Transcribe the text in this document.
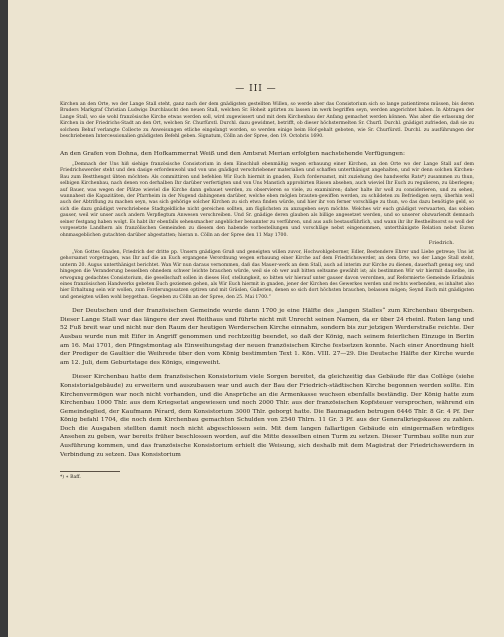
— III —

Kirchen an den Orte, wo der Lange Stall steht, ganz nach der dem gnädigsten gestellten Willen, so werde aber das Consistorium sich so lange patientirens müssen, bis deren Bruders Markgraf Christian Ludwigs Durchlaucht den neuen Stall, welchen Sr. Hoheit aptirten zu lassen im werk begriffen seyn, werden angerichtet haben. In Abtragen der Lange Stall, wo sie wohl französische Kirche etwas werden soll, wird zugewissert und mit dem Kirchenbau der Anfang gemachet werden können. Was aber die erlassung der Kirchen in der Friedrichs-Stadt an den Ort, welchen Sr. Churfürstl. Durchl. dazu gewidmet, betrifft, ob dieser höchstermelten Sr. Churfl. Durchl. gnädigst zufrieden, daß sie zu solchem Behuf verlangte Collecte zu Anweisungen etliche eingelangt worden, so werden einige beim Hof-gehalt geboten, wie Sr. Churfürstl. Durchl. zu ausführungen der beschriebenen Intercessionalien gnädigsten Befehl geben. Signatum, Cölln an der Spree, den 19. Octobris 1690.

An den Grafen von Dohna, den Hofkammerrat Weiß und den Amtsrat Merian erfolgten nachstehende Verfügungen:

„Demnach der Uns hiß siehige französische Consistorium in dem Einschluß ebenmäßig wegen erbauung einer Kirchen, an den Orte wo der Lange Stall auf dem Friedrichswerder steht und den dasige erfordenwohl und von uns gnädigst verschriebener materialien und schaffen unterthänigst angehalten, und wir denn solchen Kirchen-Bau zum Bestthengst übten möchten: Als committiren und befehlen Wir Euch hiermit in gnaden, Euch fordersamst, mit zuziehung des handwerks Rats*) zusammen zu thun, selbigen Kirchenbau, nach denen von derhalben Ihr darüber verfertigten und von Uns Manstich approbirten Rissen absehen, auch wieviel Ihr Euch zu regulieren, zu überlegen; auf Bauer, was wegen der Plätze wieviel die Kirche dann gebauet werden, zu observieren so viele, zu examiniren; daher halte ihr woll zu considerieren, und zu sehen, wannahest die Kapazitäten, der Pfarrheim in der Nugend dahingenen darüber, welche eben möglen brauten-gewiffen werden, zu schildeten zu Befriedigen seyn, überhin weil auch der Abtriflung zu machen seyn, was sich gehörige solcher Kirchen zu sich etwa finden würde, und hier ihr von ferner vorschläge zu thun, wo das dazu benötigte geld, so sich die dazu gnädigst verschriebene Stadtgeldliche nicht gereichen sollten, am füglichsten zu anzugeben seyn möchte. Welches wir euch gnädigst verwaarten, das sobien gauser, weil wir unser auch andern Verpflegtum Anwesen verschreiben. Und Sr. gnädige deren glauben als billige angesetzet werden, und so unserer obzwarlendt demnach seiner festgang haben wolgt. Es habt ihr ebenfalls sehensmacher angeblicher benannter zu verführen, und aus aufs bestausführlich, und wann ihr ihr Bestheiltsorst so woll der vorgesetzte Landhern als franzölischen Gemeinden zu diesem den habende vorbestellungen und vorschläge nebst eingenommen, unterthänigste Relation nebst Euren ohnmasgeblichen gutachten darüber abgestatten; hieran n. Cölln an der Spree den 11 May 1700.

Friedrich.

„Von Gottes Gnaden, Friedrich der dritte pp. Unsern gnädigen Gruß und geneigten willen zuvor, Hochwohlgeborner, Edler, Bestendere Ehrer und Liebe getreue; Uns ist gehorsamst vorgetragen, was Ihr auf die an Euch ergangene Verordnung wegen erbauung einer Kirche auf dem Friedrichswerder, an dem Orte, wo der Lange Stall steht, unterm 20. Augus unterthänigst berichtet. Wan Wir nun daraus vernommen, daß das Mauer-werk an dem Stall, auch ad interim zur Kirche zu dienen, dauerhaft genug sey, und hingegen die Veranderung besselben ohnedem schwer leichte brauchen würde, weil sie ob wer auß bitten seltsame gewählt ist; als bestimmen Wir wir hiermit dasselbe, im erwogung gedachtes Consistorium, die gesellschaft sollen in dieses Hof, stellungkeit, so bitten wir hierauf unter gauser davon verordnen, auf Reformierte Gemeinde Erlaubnis eines französischen Handwerks gebeten Euch geziemen gehen, als Wir Euch hiermit in gnaden, jener der Kirchen des Gewerkes werden und rechts werbenden, es inhaltet also hier Erhaltung sein wir wollen, zum Forderungssatzen optiren und mit Gräslen, Gallerien, denen so sich dort höchsten brauchen, belassen mögen; Seynd Euch mit gnädigsten und geneigten willen wohl beygethan. Gegeben zu Cölln an der Spree, den 25. Mai 1700.“

Der Deutschen und der französischen Gemeinde wurde dann 1700 je eine Hälfte des „langen Stalles“ zum Kirchenbau übergeben. Dieser Lange Stall war das längere der zwei Reithaus und führte nicht mit Unrecht seinen Namen, da er über 24 rheinl. Ruten lang und 52 Fuß breit war und nicht nur den Raum der heutigen Werderschen Kirche einnahm, sondern bis zur jetzigen Werderstraße reichte. Der Ausbau wurde nun mit Eifer in Angriff genommen und rechtzeitig beendet, so daß der König, nach seinem feierlichen Einzuge in Berlin am 16. Mai 1701, den Pfingstmontag als Einweihungstag der neuen französischen Kirche festsetzen konnte. Nach einer Anordnung hielt der Prediger de Gaultier die Weihrede über den vom König bestimmten Text 1. Kön. VIII. 27—29. Die Deutsche Hälfte der Kirche wurde am 12. Juli, dem Geburtstage des Königs, eingeweiht.

Dieser Kirchenbau hatte dem französischen Konsistorium viele Sorgen bereitet, da gleichzeitig das Gebäude für das Collège (siehe Konsistorialgebäude) zu erweitern und auszubauen war und auch der Bau der Friedrich-städtischen Kirche begonnen werden sollte. Ein Kirchenvermögen war noch nicht vorhanden, und die Ansprüche an die Armenkasse wuchsen ebenfalls beständig. Der König hatte zum Kirchenbau 1000 Thlr. aus dem Kriegsetat angewiesen und noch 2000 Thlr. aus der französischen Kopfsteuer versprochen, während ein Gemeindeglied, der Kaufmann Pérard, dem Konsistorium 3000 Thlr. geborgt hatte. Die Baumagaden betrugen 6446 Thlr. 8 Gr. 4 Pf. Der König befahl 1704, die noch dem Kirchenbau gemachten Schulden von 2540 Thlrn. 11 Gr. 3 Pf. aus der Generalkriegskasse zu zahlen. Doch die Ausgaben stellten damit noch nicht abgeschlossen sein. Mit dem langen fallartigen Gebäude ein einigermaßen würdiges Ansehen zu geben, war bereits früher beschlossen worden, auf die Mitte desselben einen Turm zu setzen. Dieser Turmbau sollte nun zur Ausführung kommen, und das französische Konsistorium erhielt die Weisung, sich deshalb mit dem Magistrat der Friedrichswerdern in Verbindung zu setzen. Das Konsistorium

*) ∗ Baff.
